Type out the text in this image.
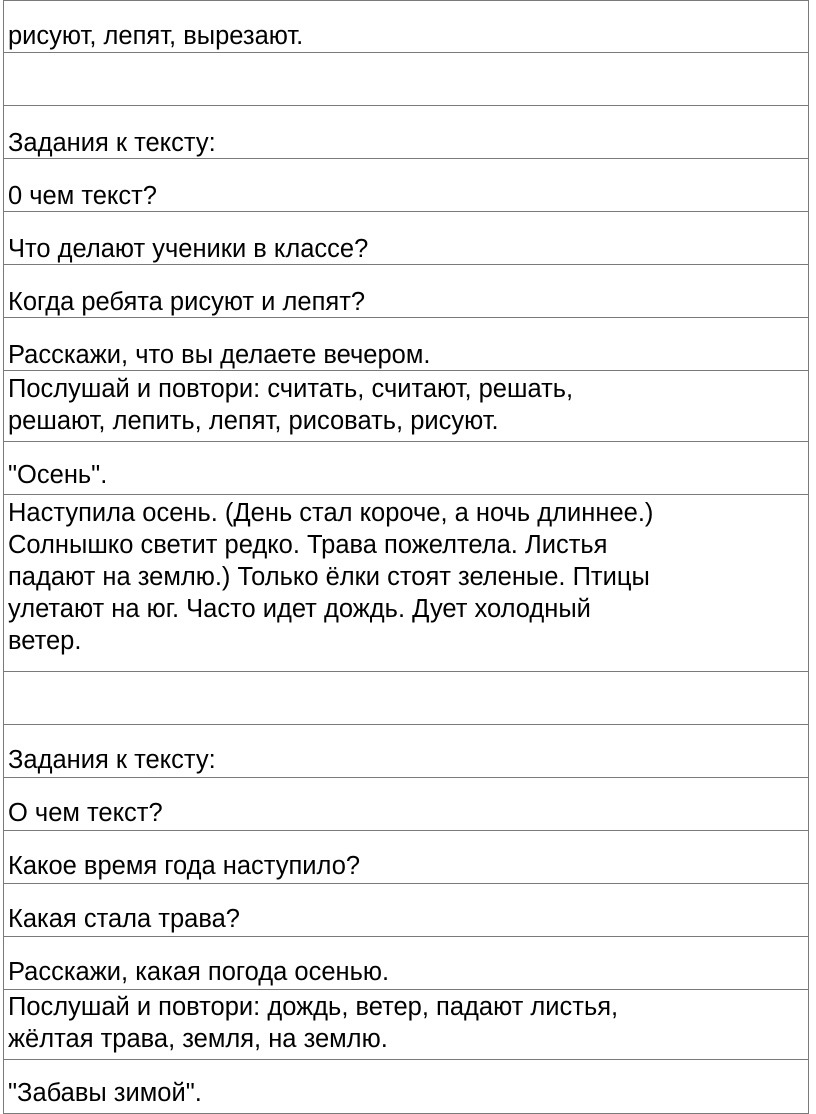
рисуют, лепят, вырезают.
Задания к тексту:
0 чем текст?
Что делают ученики в классе?
Когда ребята рисуют и лепят?
Расскажи, что вы делаете вечером.
Послушай и повтори: считать, считают, решать,
решают, лепить, лепят, рисовать, рисуют.
"Осень".
Наступила осень. (День стал короче, а ночь длиннее.)
Солнышко светит редко. Трава пожелтела. Листья
падают на землю.) Только ёлки стоят зеленые. Птицы
улетают на юг. Часто идет дождь. Дует холодный
ветер.
Задания к тексту:
О чем текст?
Какое время года наступило?
Какая стала трава?
Расскажи, какая погода осенью.
Послушай и повтори: дождь, ветер, падают листья,
жёлтая трава, земля, на землю.
"Забавы зимой".
